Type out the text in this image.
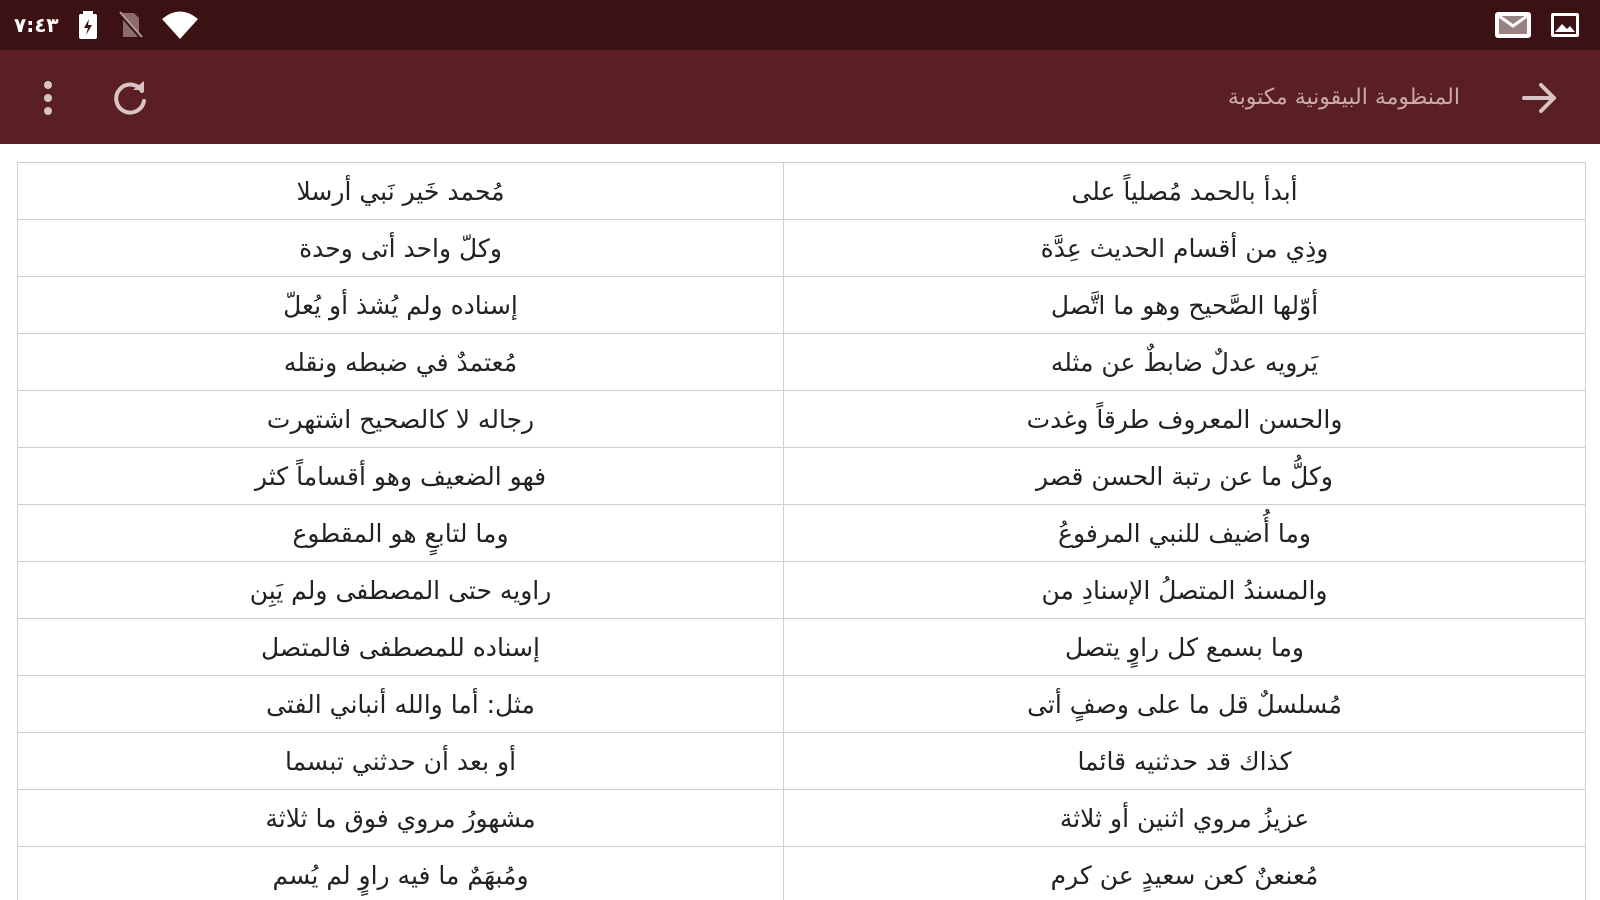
٧:٤٣
المنظومة البيقونية مكتوبة
مُحمد خَير نَبي أرسلا	أبدأ بالحمد مُصلياً على
وكلّ واحد أتى وحدة	وذِي من أقسام الحديث عِدَّة
إسناده ولم يُشذ أو يُعلّ	أوّلها الصَّحيح وهو ما اتَّصل
مُعتمدٌ في ضبطه ونقله	يَرويه عدلٌ ضابطٌ عن مثله
رجاله لا كالصحيح اشتهرت	والحسن المعروف طرقاً وغدت
فهو الضعيف وهو أقساماً كثر	وكلُّ ما عن رتبة الحسن قصر
وما لتابعٍ هو المقطوع	وما أُضيف للنبي المرفوعُ
راويه حتى المصطفى ولم يَبِن	والمسندُ المتصلُ الإسنادِ من
إسناده للمصطفى فالمتصل	وما بسمع كل راوٍ يتصل
مثل: أما والله أنباني الفتى	مُسلسلٌ قل ما على وصفٍ أتى
أو بعد أن حدثني تبسما	كذاك قد حدثنيه قائما
مشهورُ مروي فوق ما ثلاثة	عزيزُ مروي اثنين أو ثلاثة
ومُبهَمٌ ما فيه راوٍ لم يُسم	مُعنعنٌ كعن سعيدٍ عن كرم
